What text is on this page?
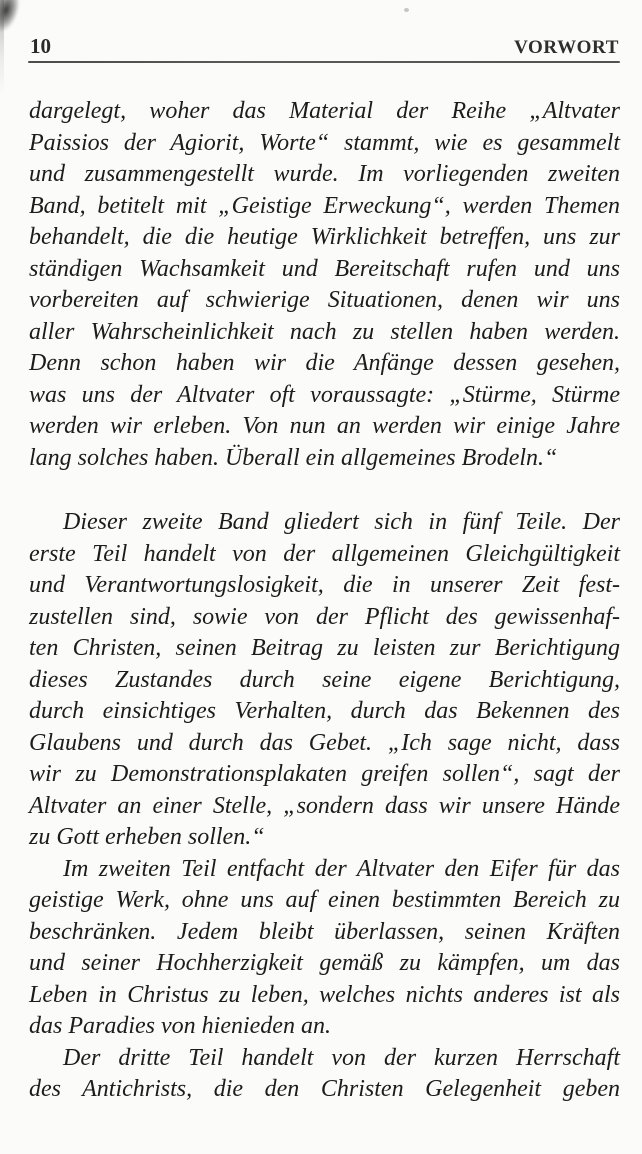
10	VORWORT
dargelegt, woher das Material der Reihe „Altvater
Paissios der Agiorit, Worte“ stammt, wie es gesammelt
und zusammengestellt wurde. Im vorliegenden zweiten
Band, betitelt mit „Geistige Erweckung“, werden Themen
behandelt, die die heutige Wirklichkeit betreffen, uns zur
ständigen Wachsamkeit und Bereitschaft rufen und uns
vorbereiten auf schwierige Situationen, denen wir uns
aller Wahrscheinlichkeit nach zu stellen haben werden.
Denn schon haben wir die Anfänge dessen gesehen,
was uns der Altvater oft voraussagte: „Stürme, Stürme
werden wir erleben. Von nun an werden wir einige Jahre
lang solches haben. Überall ein allgemeines Brodeln.“
Dieser zweite Band gliedert sich in fünf Teile. Der
erste Teil handelt von der allgemeinen Gleichgültigkeit
und Verantwortungslosigkeit, die in unserer Zeit fest-
zustellen sind, sowie von der Pflicht des gewissenhaf-
ten Christen, seinen Beitrag zu leisten zur Berichtigung
dieses Zustandes durch seine eigene Berichtigung,
durch einsichtiges Verhalten, durch das Bekennen des
Glaubens und durch das Gebet. „Ich sage nicht, dass
wir zu Demonstrationsplakaten greifen sollen“, sagt der
Altvater an einer Stelle, „sondern dass wir unsere Hände
zu Gott erheben sollen.“
Im zweiten Teil entfacht der Altvater den Eifer für das
geistige Werk, ohne uns auf einen bestimmten Bereich zu
beschränken. Jedem bleibt überlassen, seinen Kräften
und seiner Hochherzigkeit gemäß zu kämpfen, um das
Leben in Christus zu leben, welches nichts anderes ist als
das Paradies von hienieden an.
Der dritte Teil handelt von der kurzen Herrschaft
des Antichrists, die den Christen Gelegenheit geben
